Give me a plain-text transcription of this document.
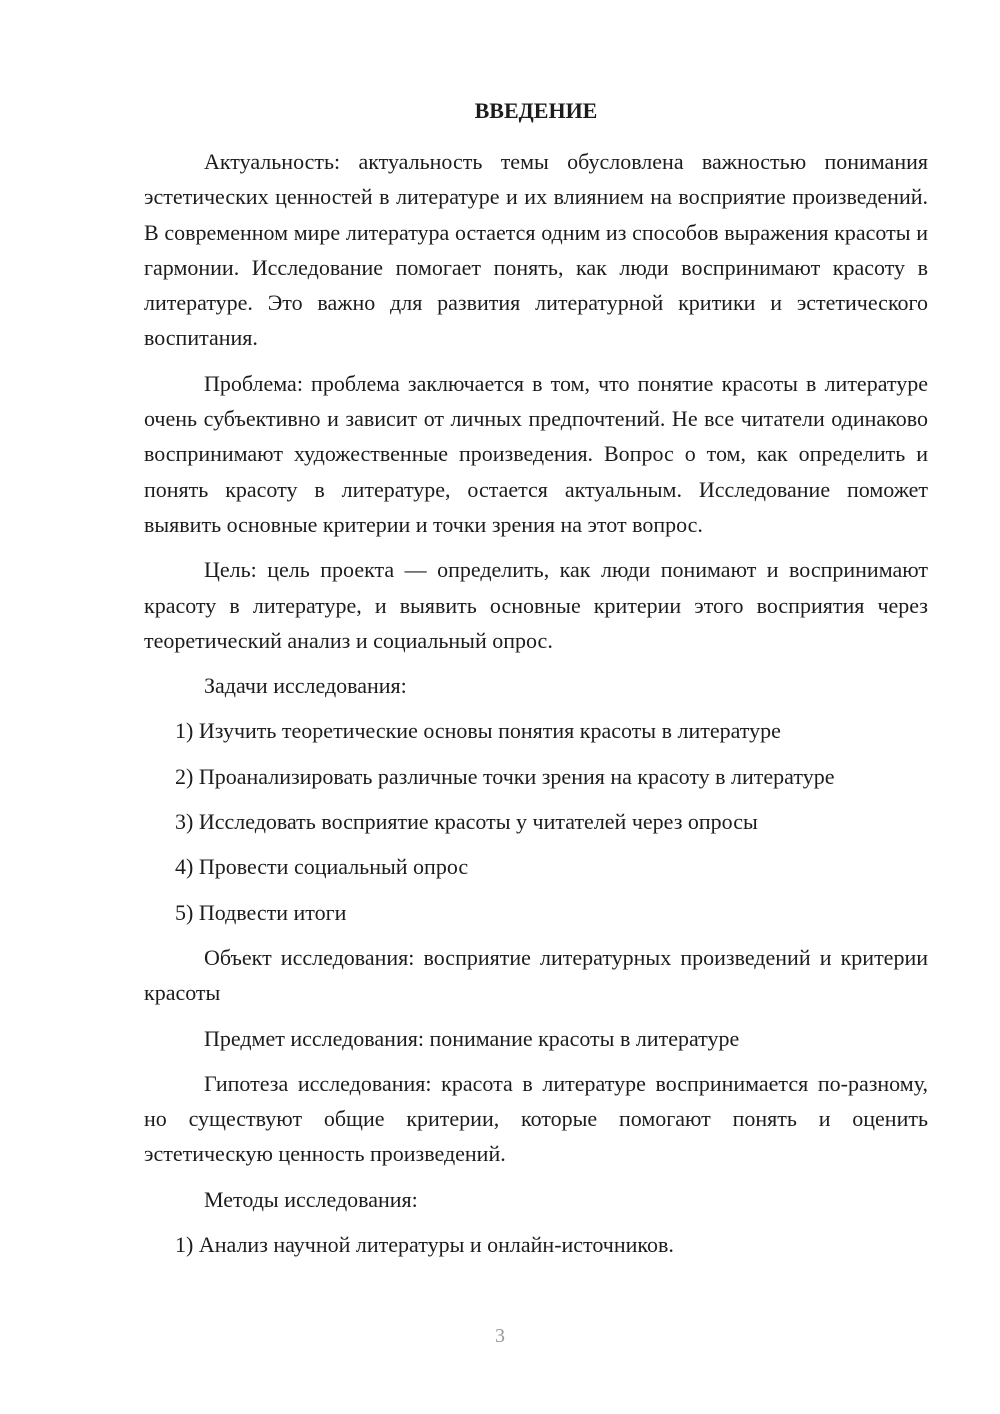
ВВЕДЕНИЕ

Актуальность: актуальность темы обусловлена важностью понимания эстетических ценностей в литературе и их влиянием на восприятие произведений. В современном мире литература остается одним из способов выражения красоты и гармонии. Исследование помогает понять, как люди воспринимают красоту в литературе. Это важно для развития литературной критики и эстетического воспитания.

Проблема: проблема заключается в том, что понятие красоты в литературе очень субъективно и зависит от личных предпочтений. Не все читатели одинаково воспринимают художественные произведения. Вопрос о том, как определить и понять красоту в литературе, остается актуальным. Исследование поможет выявить основные критерии и точки зрения на этот вопрос.

Цель: цель проекта — определить, как люди понимают и воспринимают красоту в литературе, и выявить основные критерии этого восприятия через теоретический анализ и социальный опрос.

Задачи исследования:

1) Изучить теоретические основы понятия красоты в литературе
2) Проанализировать различные точки зрения на красоту в литературе
3) Исследовать восприятие красоты у читателей через опросы
4) Провести социальный опрос
5) Подвести итоги

Объект исследования: восприятие литературных произведений и критерии красоты

Предмет исследования: понимание красоты в литературе

Гипотеза исследования: красота в литературе воспринимается по-разному, но существуют общие критерии, которые помогают понять и оценить эстетическую ценность произведений.

Методы исследования:

1) Анализ научной литературы и онлайн-источников.
3
